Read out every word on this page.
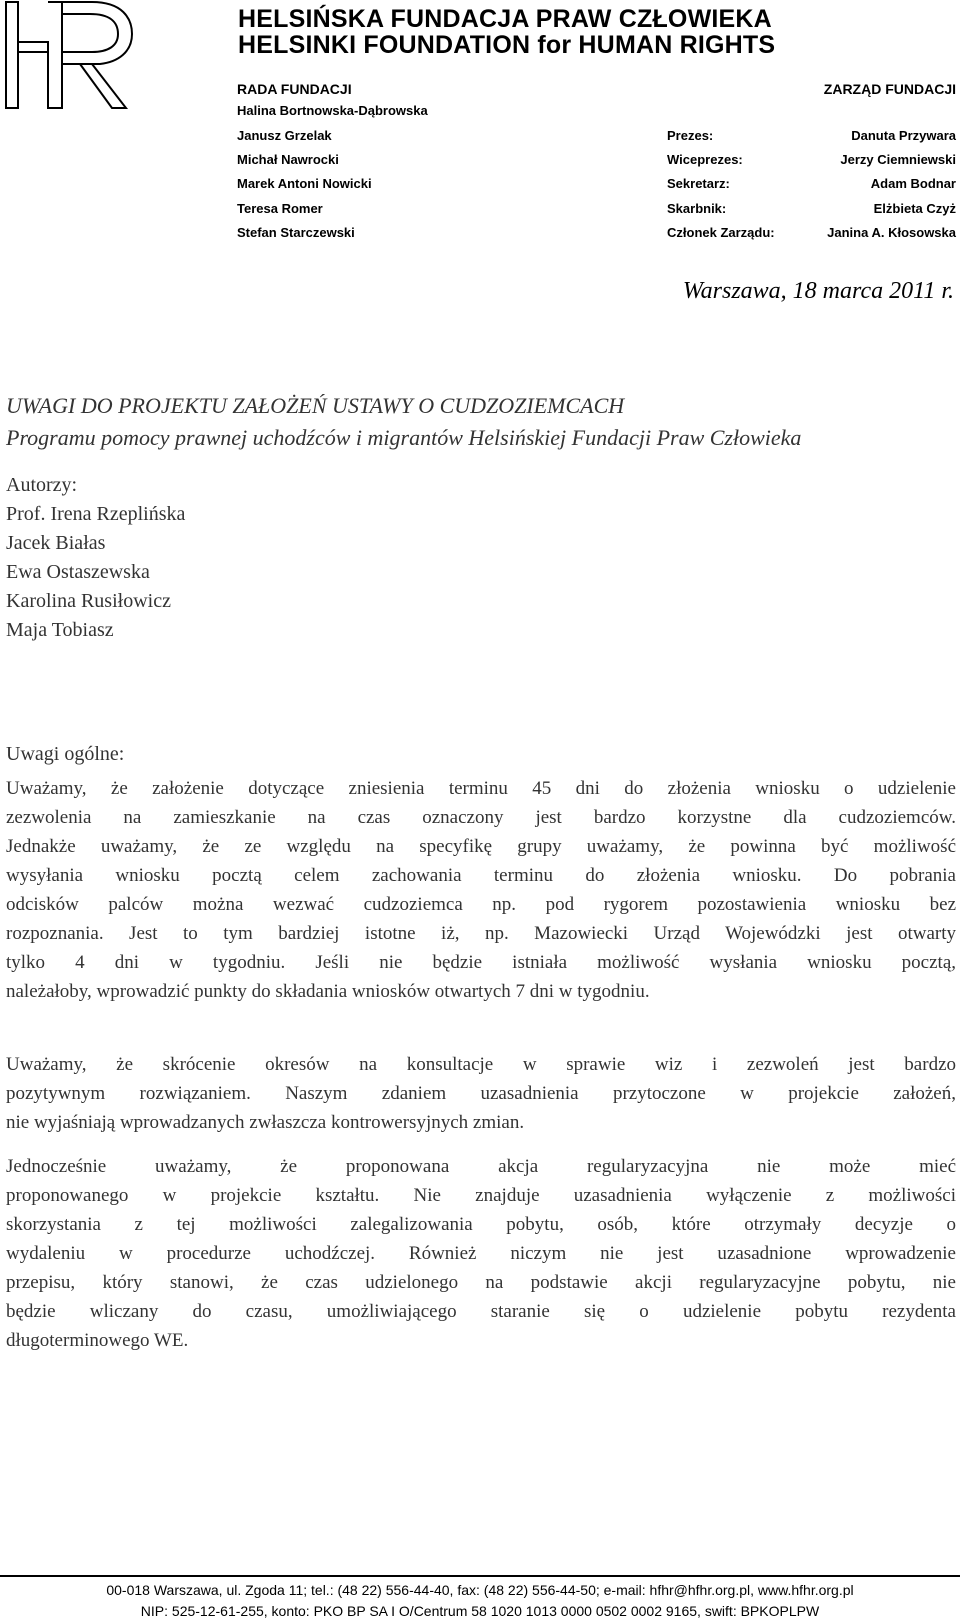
HELSIŃSKA FUNDACJA PRAW CZŁOWIEKA
HELSINKI FOUNDATION for HUMAN RIGHTS
RADA FUNDACJI
Halina Bortnowska-Dąbrowska
Janusz Grzelak
Michał Nawrocki
Marek Antoni Nowicki
Teresa Romer
Stefan Starczewski
ZARZĄD FUNDACJI
Prezes:	Danuta Przywara
Wiceprezes:	Jerzy Ciemniewski
Sekretarz:	Adam Bodnar
Skarbnik:	Elżbieta Czyż
Członek Zarządu:	Janina A. Kłosowska
Warszawa, 18 marca 2011 r.
UWAGI DO PROJEKTU ZAŁOŻEŃ USTAWY O CUDZOZIEMCACH
Programu pomocy prawnej uchodźców i migrantów Helsińskiej Fundacji Praw Człowieka
Autorzy:
Prof. Irena Rzeplińska
Jacek Białas
Ewa Ostaszewska
Karolina Rusiłowicz
Maja Tobiasz
Uwagi ogólne:
Uważamy, że założenie dotyczące zniesienia terminu 45 dni do złożenia wniosku o udzielenie
zezwolenia na zamieszkanie na czas oznaczony jest bardzo korzystne dla cudzoziemców.
Jednakże uważamy, że ze względu na specyfikę grupy uważamy, że powinna być możliwość
wysyłania wniosku pocztą celem zachowania terminu do złożenia wniosku. Do pobrania
odcisków palców można wezwać cudzoziemca np. pod rygorem pozostawienia wniosku bez
rozpoznania. Jest to tym bardziej istotne iż, np. Mazowiecki Urząd Wojewódzki jest otwarty
tylko 4 dni w tygodniu. Jeśli nie będzie istniała możliwość wysłania wniosku pocztą,
należałoby, wprowadzić punkty do składania wniosków otwartych 7 dni w tygodniu.
Uważamy, że skrócenie okresów na konsultacje w sprawie wiz i zezwoleń jest bardzo
pozytywnym rozwiązaniem. Naszym zdaniem uzasadnienia przytoczone w projekcie założeń,
nie wyjaśniają wprowadzanych zwłaszcza kontrowersyjnych zmian.
Jednocześnie uważamy, że proponowana akcja regularyzacyjna nie może mieć
proponowanego w projekcie kształtu. Nie znajduje uzasadnienia wyłączenie z możliwości
skorzystania z tej możliwości zalegalizowania pobytu, osób, które otrzymały decyzje o
wydaleniu w procedurze uchodźczej. Również niczym nie jest uzasadnione wprowadzenie
przepisu, który stanowi, że czas udzielonego na podstawie akcji regularyzacyjne pobytu, nie
będzie wliczany do czasu, umożliwiającego staranie się o udzielenie pobytu rezydenta
długoterminowego WE.
00-018 Warszawa, ul. Zgoda 11; tel.: (48 22) 556-44-40, fax: (48 22) 556-44-50; e-mail: hfhr@hfhr.org.pl, www.hfhr.org.pl
NIP: 525-12-61-255, konto: PKO BP SA I O/Centrum 58 1020 1013 0000 0502 0002 9165, swift: BPKOPLPW
